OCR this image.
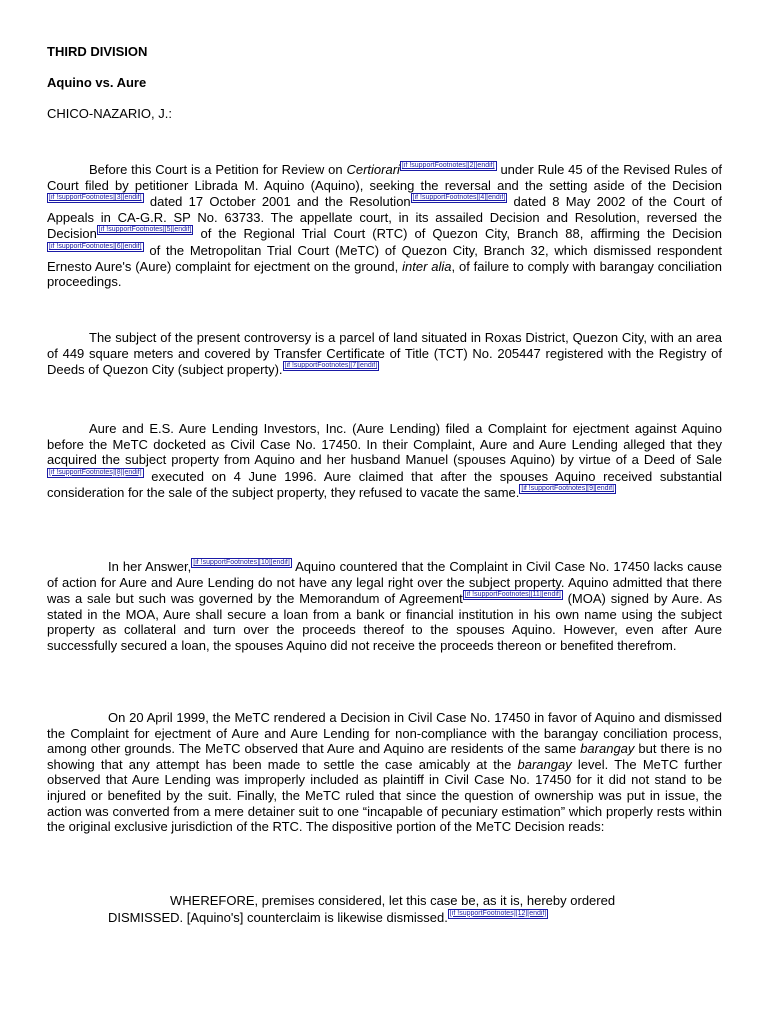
THIRD DIVISION
Aquino vs. Aure
CHICO-NAZARIO, J.:

Before this Court is a Petition for Review on Certiorari [if !supportFootnotes][2][endif] under Rule 45 of the Revised Rules of Court filed by petitioner Librada M. Aquino (Aquino), seeking the reversal and the setting aside of the Decision[if !supportFootnotes][3][endif] dated 17 October 2001 and the Resolution [if !supportFootnotes][4][endif] dated 8 May 2002 of the Court of Appeals in CA-G.R. SP No. 63733. The appellate court, in its assailed Decision and Resolution, reversed the Decision [if !supportFootnotes][5][endif] of the Regional Trial Court (RTC) of Quezon City, Branch 88, affirming the Decision[if !supportFootnotes][6][endif] of the Metropolitan Trial Court (MeTC) of Quezon City, Branch 32, which dismissed respondent Ernesto Aure's (Aure) complaint for ejectment on the ground, inter alia, of failure to comply with barangay conciliation proceedings.

The subject of the present controversy is a parcel of land situated in Roxas District, Quezon City, with an area of 449 square meters and covered by Transfer Certificate of Title (TCT) No. 205447 registered with the Registry of Deeds of Quezon City (subject property). [if !supportFootnotes][7][endif]

Aure and E.S. Aure Lending Investors, Inc. (Aure Lending) filed a Complaint for ejectment against Aquino before the MeTC docketed as Civil Case No. 17450. In their Complaint, Aure and Aure Lending alleged that they acquired the subject property from Aquino and her husband Manuel (spouses Aquino) by virtue of a Deed of Sale[if !supportFootnotes][8][endif] executed on 4 June 1996. Aure claimed that after the spouses Aquino received substantial consideration for the sale of the subject property, they refused to vacate the same. [if !supportFootnotes][9][endif]

In her Answer, [if !supportFootnotes][10][endif] Aquino countered that the Complaint in Civil Case No. 17450 lacks cause of action for Aure and Aure Lending do not have any legal right over the subject property. Aquino admitted that there was a sale but such was governed by the Memorandum of Agreement [if !supportFootnotes][11][endif] (MOA) signed by Aure. As stated in the MOA, Aure shall secure a loan from a bank or financial institution in his own name using the subject property as collateral and turn over the proceeds thereof to the spouses Aquino. However, even after Aure successfully secured a loan, the spouses Aquino did not receive the proceeds thereon or benefited therefrom.

On 20 April 1999, the MeTC rendered a Decision in Civil Case No. 17450 in favor of Aquino and dismissed the Complaint for ejectment of Aure and Aure Lending for non-compliance with the barangay conciliation process, among other grounds. The MeTC observed that Aure and Aquino are residents of the same barangay but there is no showing that any attempt has been made to settle the case amicably at the barangay level. The MeTC further observed that Aure Lending was improperly included as plaintiff in Civil Case No. 17450 for it did not stand to be injured or benefited by the suit. Finally, the MeTC ruled that since the question of ownership was put in issue, the action was converted from a mere detainer suit to one “incapable of pecuniary estimation” which properly rests within the original exclusive jurisdiction of the RTC. The dispositive portion of the MeTC Decision reads:

WHEREFORE, premises considered, let this case be, as it is, hereby ordered DISMISSED. [Aquino's] counterclaim is likewise dismissed. [if !supportFootnotes][12][endif]
